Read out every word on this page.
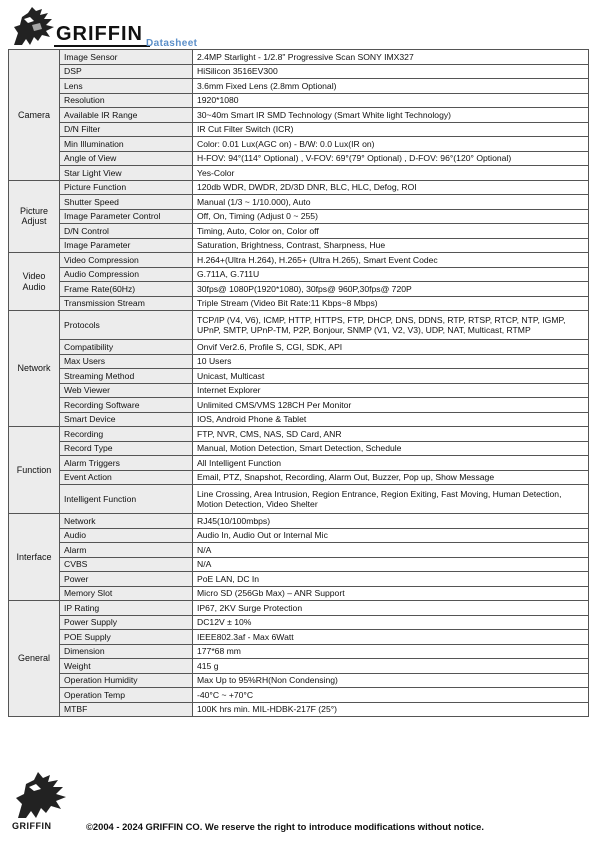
GRIFFIN Datasheet
Camera	Image Sensor	2.4MP Starlight - 1/2.8" Progressive Scan SONY IMX327
	DSP	HiSilicon 3516EV300
	Lens	3.6mm Fixed Lens (2.8mm Optional)
	Resolution	1920*1080
	Available IR Range	30~40m Smart IR SMD Technology (Smart White light Technology)
	D/N Filter	IR Cut Filter Switch (ICR)
	Min Illumination	Color: 0.01 Lux(AGC on) - B/W: 0.0 Lux(IR on)
	Angle of View	H-FOV: 94°(114° Optional) , V-FOV: 69°(79° Optional) , D-FOV: 96°(120° Optional)
	Star Light View	Yes-Color
Picture Adjust	Picture Function	120db WDR, DWDR, 2D/3D DNR, BLC, HLC, Defog, ROI
	Shutter Speed	Manual (1/3 ~ 1/10.000), Auto
	Image Parameter Control	Off, On, Timing (Adjust 0 ~ 255)
	D/N Control	Timing, Auto, Color on, Color off
	Image Parameter	Saturation, Brightness, Contrast, Sharpness, Hue
Video Audio	Video Compression	H.264+(Ultra H.264), H.265+ (Ultra H.265), Smart Event Codec
	Audio Compression	G.711A, G.711U
	Frame Rate(60Hz)	30fps@ 1080P(1920*1080), 30fps@ 960P,30fps@ 720P
	Transmission Stream	Triple Stream (Video Bit Rate:11 Kbps~8 Mbps)
Network	Protocols	TCP/IP (V4, V6), ICMP, HTTP, HTTPS, FTP, DHCP, DNS, DDNS, RTP, RTSP, RTCP, NTP, IGMP, UPnP, SMTP, UPnP-TM, P2P, Bonjour, SNMP (V1, V2, V3), UDP, NAT, Multicast, RTMP
	Compatibility	Onvif Ver2.6, Profile S, CGI, SDK, API
	Max Users	10 Users
	Streaming Method	Unicast, Multicast
	Web Viewer	Internet Explorer
	Recording Software	Unlimited CMS/VMS 128CH Per Monitor
	Smart Device	IOS, Android Phone & Tablet
Function	Recording	FTP, NVR, CMS, NAS, SD Card, ANR
	Record Type	Manual, Motion Detection, Smart Detection, Schedule
	Alarm Triggers	All Intelligent Function
	Event Action	Email, PTZ, Snapshot, Recording, Alarm Out, Buzzer, Pop up, Show Message
	Intelligent Function	Line Crossing, Area Intrusion, Region Entrance, Region Exiting, Fast Moving, Human Detection, Motion Detection, Video Shelter
Interface	Network	RJ45(10/100mbps)
	Audio	Audio In, Audio Out or Internal Mic
	Alarm	N/A
	CVBS	N/A
	Power	PoE LAN, DC In
	Memory Slot	Micro SD (256Gb Max) – ANR Support
General	IP Rating	IP67, 2KV Surge Protection
	Power Supply	DC12V ± 10%
	POE Supply	IEEE802.3af - Max 6Watt
	Dimension	177*68 mm
	Weight	415 g
	Operation Humidity	Max Up to 95%RH(Non Condensing)
	Operation Temp	-40°C ~ +70°C
	MTBF	100K hrs min. MIL-HDBK-217F (25°)
GRIFFIN	©2004 - 2024 GRIFFIN CO. We reserve the right to introduce modifications without notice.
